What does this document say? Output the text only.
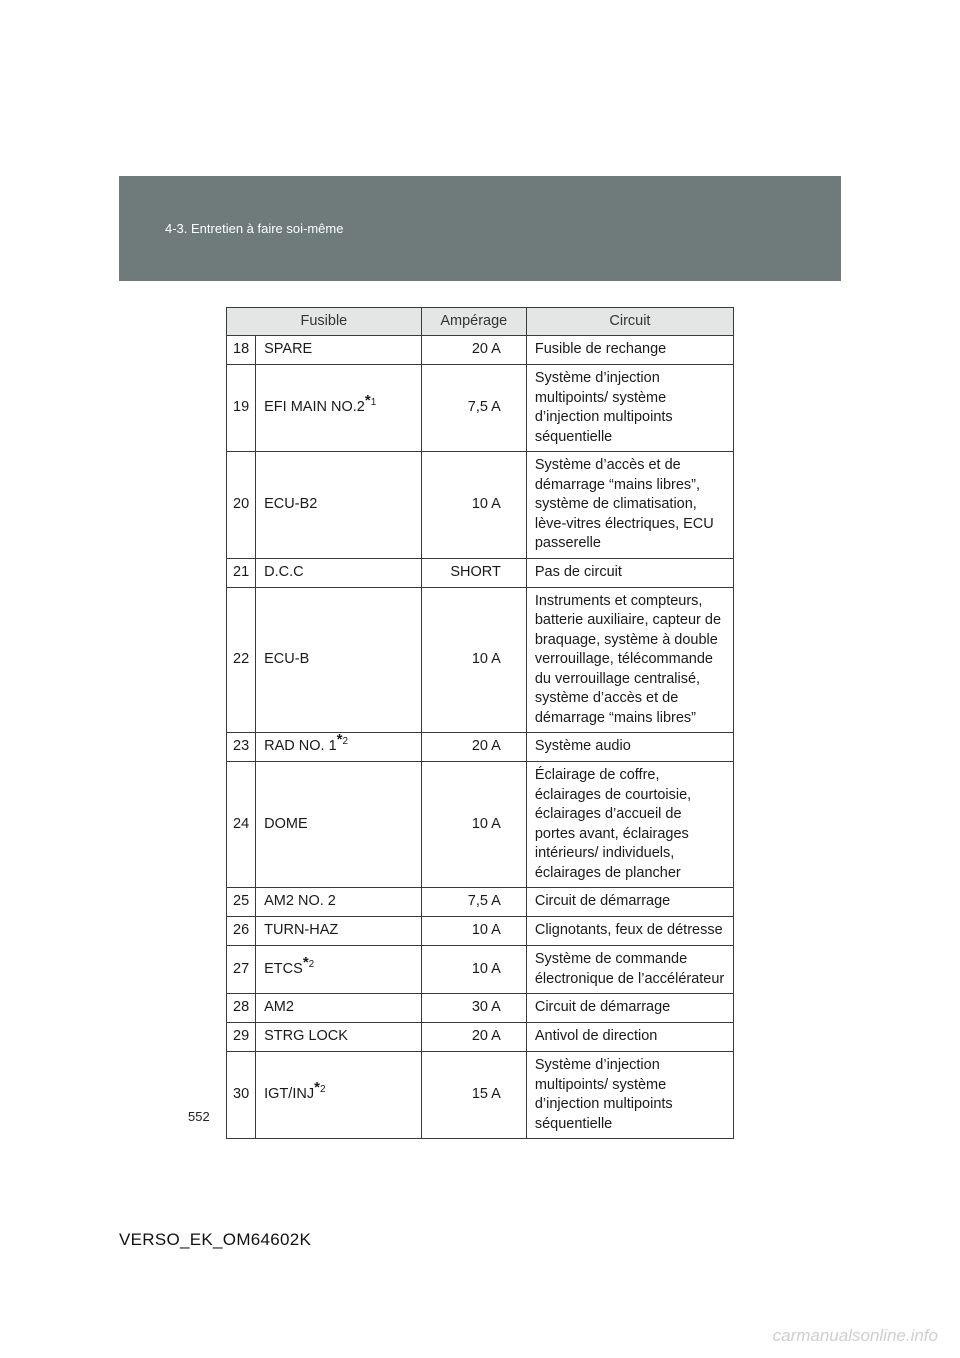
4-3. Entretien à faire soi-même
Fusible		Ampérage	Circuit
18	SPARE	20 A	Fusible de rechange
19	EFI MAIN NO.2*$^1$	7,5 A	Système d’injection multipoints/ système d’injection multipoints séquentielle
20	ECU-B2	10 A	Système d’accès et de démarrage “mains libres”, système de climatisation, lève-vitres électriques, ECU passerelle
21	D.C.C	SHORT	Pas de circuit
22	ECU-B	10 A	Instruments et compteurs, batterie auxiliaire, capteur de braquage, système à double verrouillage, télécommande du verrouillage centralisé, système d’accès et de démarrage “mains libres”
23	RAD NO. 1*$^2$	20 A	Système audio
24	DOME	10 A	Éclairage de coffre, éclairages de courtoisie, éclairages d’accueil de portes avant, éclairages intérieurs/ individuels, éclairages de plancher
25	AM2 NO. 2	7,5 A	Circuit de démarrage
26	TURN-HAZ	10 A	Clignotants, feux de détresse
27	ETCS*$^2$	10 A	Système de commande électronique de l’accélérateur
28	AM2	30 A	Circuit de démarrage
29	STRG LOCK	20 A	Antivol de direction
30	IGT/INJ*$^2$	15 A	Système d’injection multipoints/ système d’injection multipoints séquentielle
552
VERSO_EK_OM64602K
carmanualsonline.info
